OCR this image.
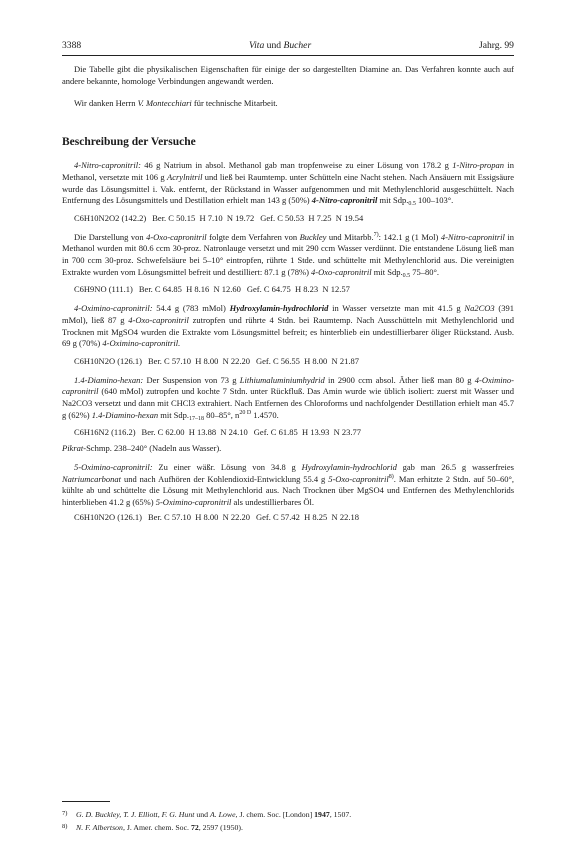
3388	Vita und Bucher	Jahrg. 99

Die Tabelle gibt die physikalischen Eigenschaften für einige der so dargestellten Diamine an. Das Verfahren konnte auch auf andere bekannte, homologe Verbindungen angewandt werden.

Wir danken Herrn V. Montecchiari für technische Mitarbeit.

Beschreibung der Versuche

4-Nitro-capronitril: 46 g Natrium in absol. Methanol gab man tropfenweise zu einer Lösung von 178.2 g 1-Nitro-propan in Methanol, versetzte mit 106 g Acrylnitril und ließ bei Raumtemp. unter Schütteln eine Nacht stehen. Nach Ansäuern mit Essigsäure wurde das Lösungsmittel i. Vak. entfernt, der Rückstand in Wasser aufgenommen und mit Methylenchlorid ausgeschüttelt. Nach Entfernung des Lösungsmittels und Destillation erhielt man 143 g (50%) 4-Nitro-capronitril mit $Sdp._{0.5}$ 100–103°.

C6H10N2O2 (142.2) Ber. C 50.15  H 7.10  N 19.72 Gef. C 50.53  H 7.25  N 19.54

Die Darstellung von 4-Oxo-capronitril folgte dem Verfahren von Buckley und Mitarbb.$^{7)}$: 142.1 g (1 Mol) 4-Nitro-capronitril in Methanol wurden mit 80.6 ccm 30-proz. Natronlauge versetzt und mit 290 ccm Wasser verdünnt. Die entstandene Lösung ließ man in 700 ccm 30-proz. Schwefelsäure bei 5–10° eintropfen, rührte 1 Stde. und schüttelte mit Methylenchlorid aus. Die vereinigten Extrakte wurden vom Lösungsmittel befreit und destilliert: 87.1 g (78%) 4-Oxo-capronitril mit $Sdp._{0.5}$ 75–80°.

C6H9NO (111.1) Ber. C 64.85  H 8.16  N 12.60 Gef. C 64.75  H 8.23  N 12.57

4-Oximino-capronitril: 54.4 g (783 mMol) Hydroxylamin-hydrochlorid in Wasser versetzte man mit 41.5 g Na2CO3 (391 mMol), ließ 87 g 4-Oxo-capronitril zutropfen und rührte 4 Stdn. bei Raumtemp. Nach Ausschütteln mit Methylenchlorid und Trocknen mit MgSO4 wurden die Extrakte vom Lösungsmittel befreit; es hinterblieb ein undestillierbarer öliger Rückstand. Ausb. 69 g (70%) 4-Oximino-capronitril.

C6H10N2O (126.1) Ber. C 57.10  H 8.00  N 22.20 Gef. C 56.55  H 8.00  N 21.87

1.4-Diamino-hexan: Der Suspension von 73 g Lithiumaluminiumhydrid in 2900 ccm absol. Äther ließ man 80 g 4-Oximino-capronitril (640 mMol) zutropfen und kochte 7 Stdn. unter Rückfluß. Das Amin wurde wie üblich isoliert: zuerst mit Wasser und Na2CO3 versetzt und dann mit CHCl3 extrahiert. Nach Entfernen des Chloroforms und nachfolgender Destillation erhielt man 45.7 g (62%) 1.4-Diamino-hexan mit $Sdp._{17-18}$ 80–85°, $n^{20 D}$ 1.4570.

C6H16N2 (116.2) Ber. C 62.00  H 13.88  N 24.10 Gef. C 61.85  H 13.93  N 23.77

Pikrat-Schmp. 238–240° (Nadeln aus Wasser).

5-Oximino-capronitril: Zu einer wäßr. Lösung von 34.8 g Hydroxylamin-hydrochlorid gab man 26.5 g wasserfreies Natriumcarbonat und nach Aufhören der Kohlendioxid-Entwicklung 55.4 g 5-Oxo-capronitril$^{8)}$. Man erhitzte 2 Stdn. auf 50–60°, kühlte ab und schüttelte die Lösung mit Methylenchlorid aus. Nach Trocknen über MgSO4 und Entfernen des Methylenchlorids hinterblieben 41.2 g (65%) 5-Oximino-capronitril als undestillierbares Öl.

C6H10N2O (126.1) Ber. C 57.10  H 8.00  N 22.20 Gef. C 57.42  H 8.25  N 22.18
7) G. D. Buckley, T. J. Elliott, F. G. Hunt und A. Lowe, J. chem. Soc. [London] 1947, 1507.
8) N. F. Albertson, J. Amer. chem. Soc. 72, 2597 (1950).
